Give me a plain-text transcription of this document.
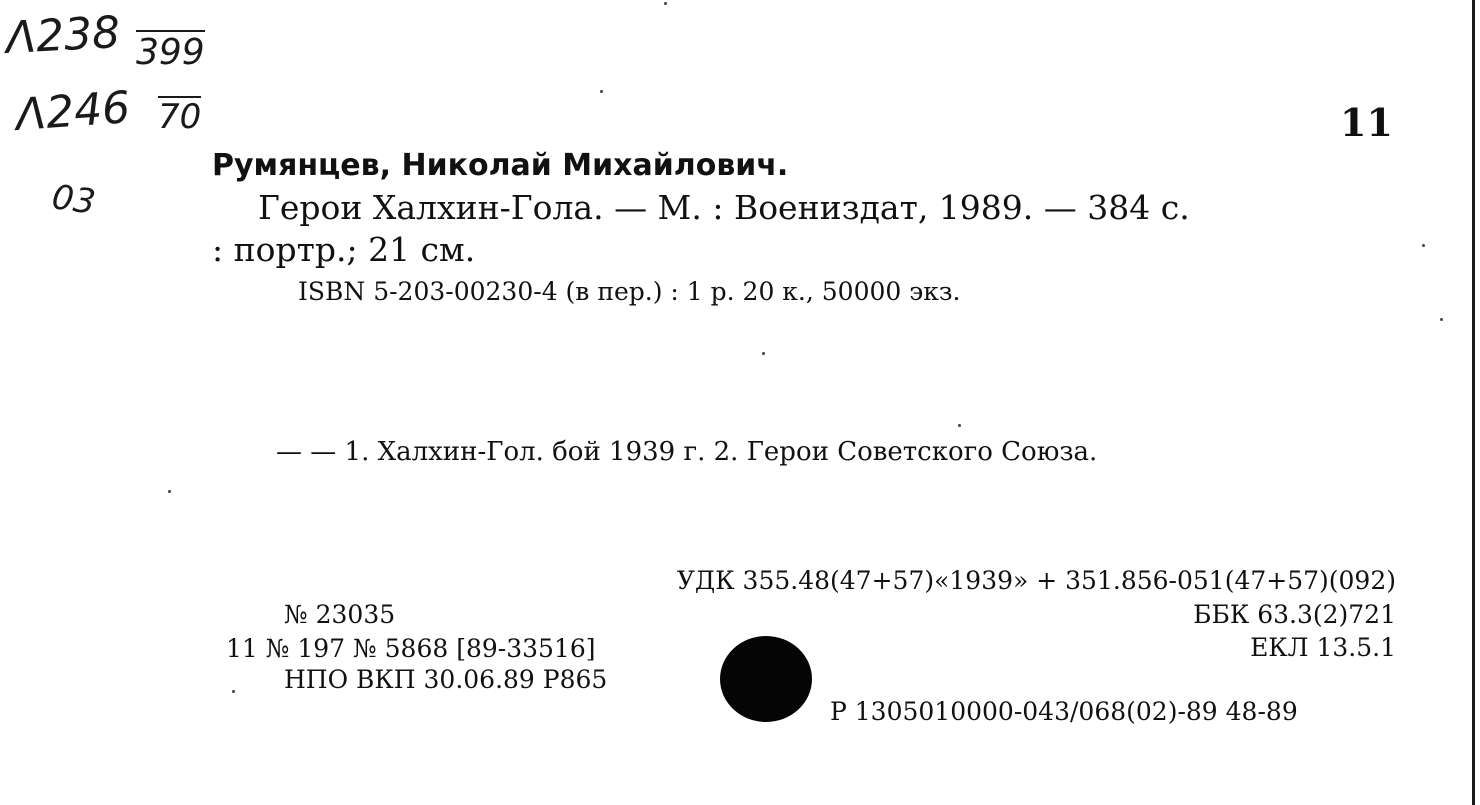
Λ238 399
Λ246 70
03
11
Румянцев, Николай Михайлович.
Герои Халхин-Гола. — М. : Воениздат, 1989. — 384 с.
: портр.; 21 см.
ISBN 5-203-00230-4 (в пер.) : 1 р. 20 к., 50000 экз.
— — 1. Халхин-Гол. бой 1939 г. 2. Герои Советского Союза.
УДК 355.48(47+57)«1939» + 351.856-051(47+57)(092)
ББК 63.3(2)721
ЕКЛ 13.5.1
Р 1305010000-043/068(02)-89 48-89
№ 23035
11 № 197 № 5868 [89-33516]
НПО ВКП 30.06.89 Р865
